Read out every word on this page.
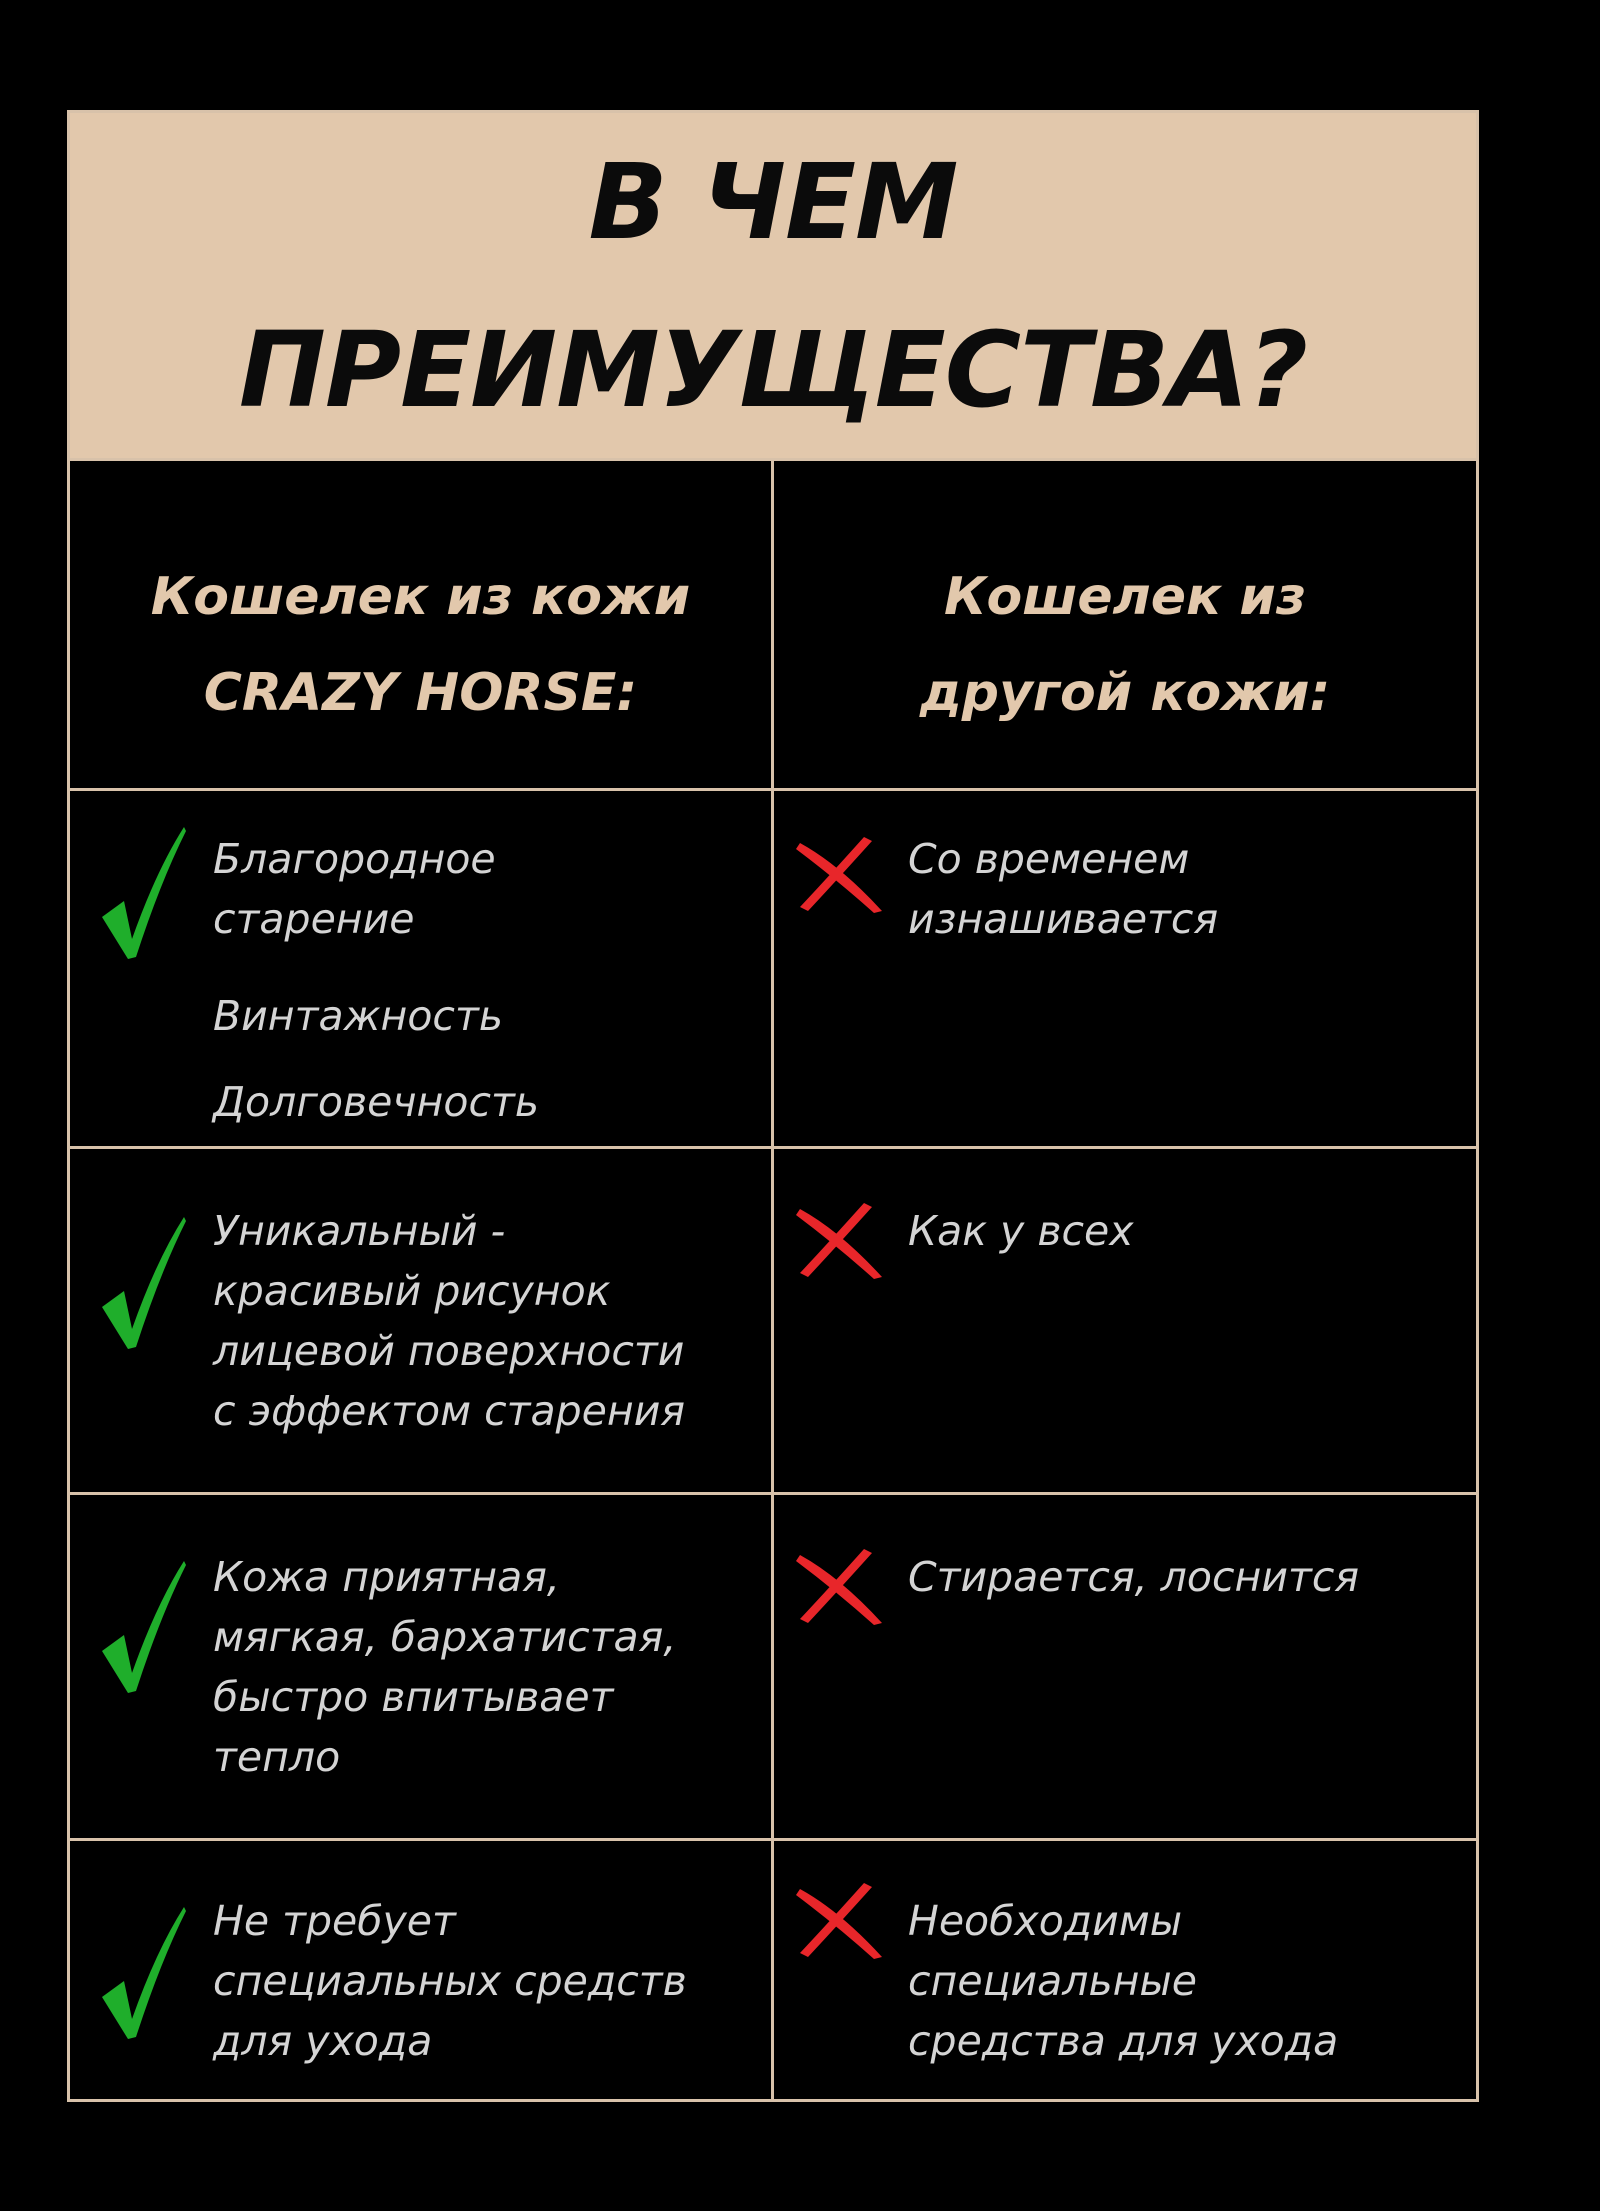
В ЧЕМ
ПРЕИМУЩЕСТВА?
Кошелек из кожи
CRAZY HORSE:
Кошелек из
другой кожи:
Благородное
старение
Винтажность
Долговечность
Со временем
изнашивается
Уникальный -
красивый рисунок
лицевой поверхности
с эффектом старения
Как у всех
Кожа приятная,
мягкая, бархатистая,
быстро впитывает
тепло
Стирается, лоснится
Не требует
специальных средств
для ухода
Необходимы
специальные
средства для ухода
